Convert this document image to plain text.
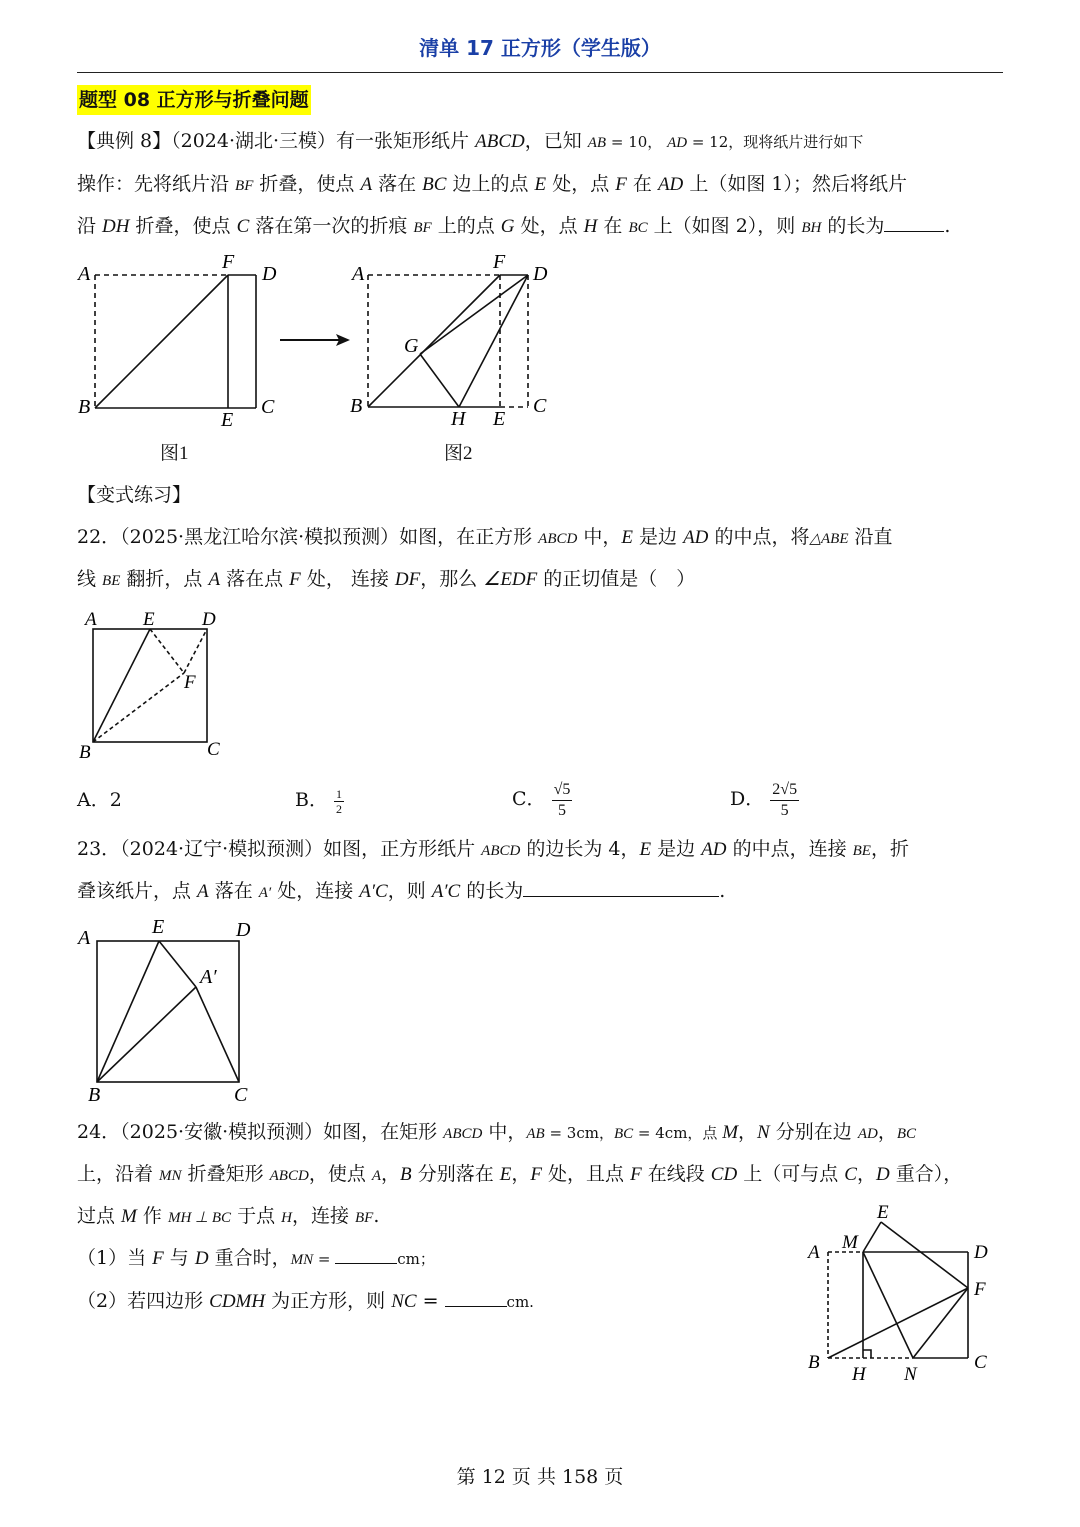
清单 17 正方形（学生版）
题型 08 正方形与折叠问题
【典例 8】（2024·湖北·三模）有一张矩形纸片 ABCD，已知 AB = 10， AD = 12，现将纸片进行如下
操作：先将纸片沿 BF 折叠，使点 A 落在 BC 边上的点 E 处，点 F 在 AD 上（如图 1）；然后将纸片
沿 DH 折叠，使点 C 落在第一次的折痕 BF 上的点 G 处，点 H 在 BC 上（如图 2），则 BH 的长为	.
A
F
D
B
E
C
图1
A
F
D
G
B
H E
C
图2
【变式练习】
22．（2025·黑龙江哈尔滨·模拟预测）如图，在正方形 ABCD 中，E 是边 AD 的中点，将△ABE 沿直
线 BE 翻折，点 A 落在点 F 处， 连接 DF，那么 ∠EDF 的正切值是（　）
A E D
F
B	C
A．2	B． $\frac{1}{2}$	C． $\frac{√5}{5}$	D． $\frac{2√5}{5}$
23．（2024·辽宁·模拟预测）如图，正方形纸片 ABCD 的边长为 4，E 是边 AD 的中点，连接 BE，折
叠该纸片，点 A 落在 A′ 处，连接 A′C，则 A′C 的长为	.
A	E	D
A′
B	C
24．（2025·安徽·模拟预测）如图，在矩形 ABCD 中，AB = 3cm，BC = 4cm，点 M，N 分别在边 AD，BC
上，沿着 MN 折叠矩形 ABCD，使点 A，B 分别落在 E，F 处，且点 F 在线段 CD 上（可与点 C，D 重合），
过点 M 作 MH ⊥ BC 于点 H，连接 BF.
（1）当 F 与 D 重合时，MN =	cm；
（2）若四边形 CDMH 为正方形，则 NC =	cm.
E
M
A	D
F
B
H N
C
第 12 页 共 158 页
